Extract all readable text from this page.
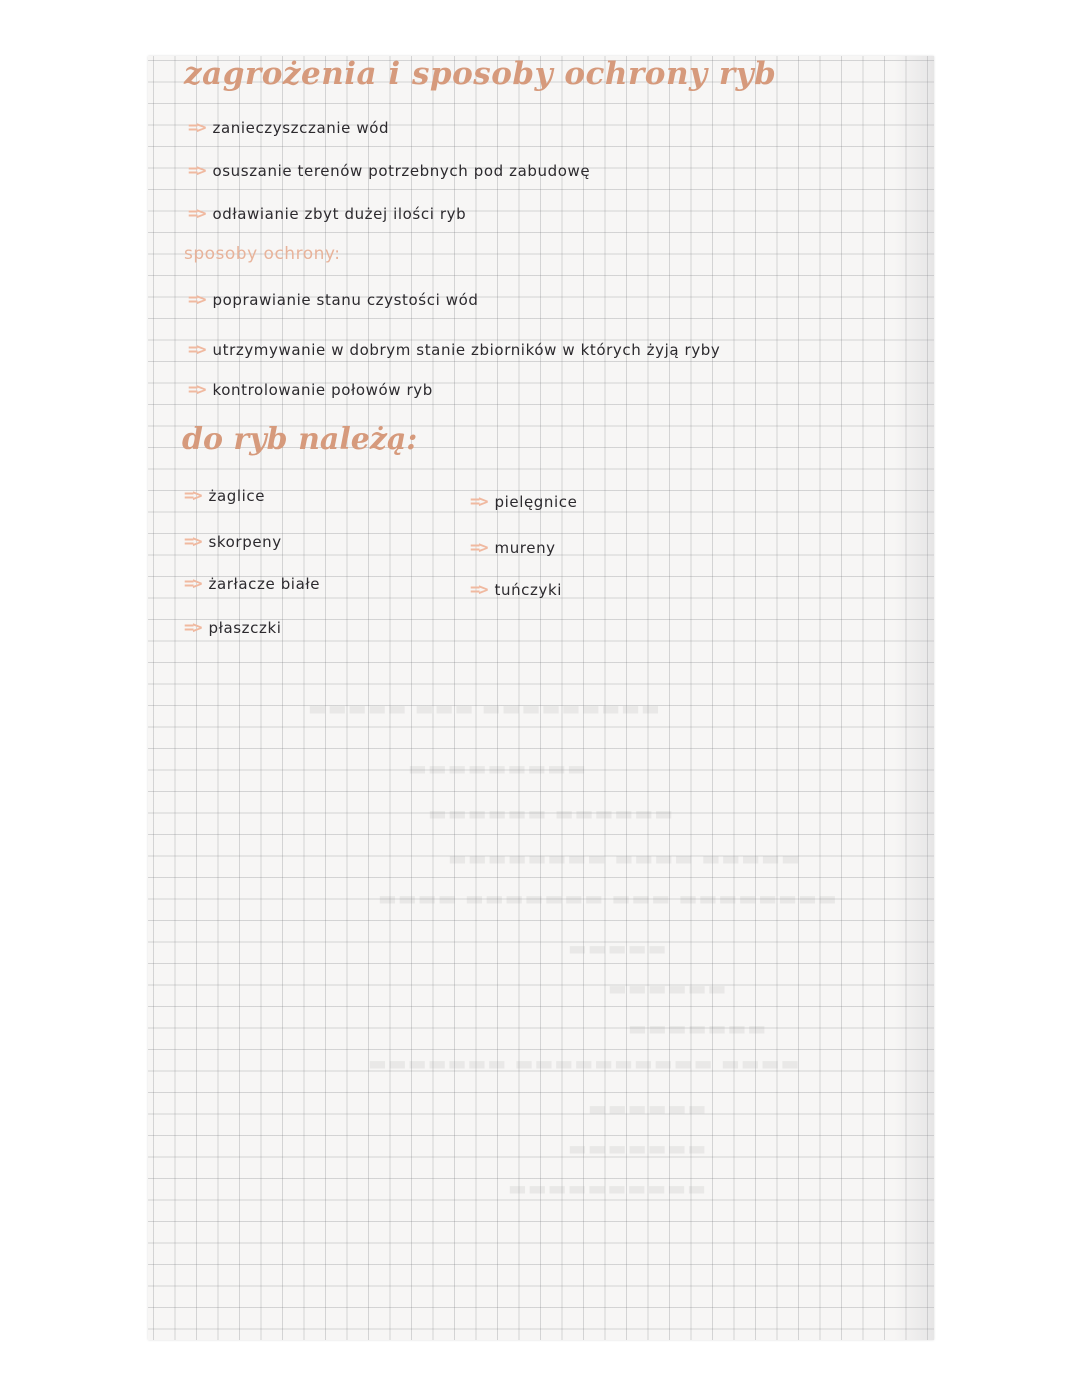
▬▬▬▬▬ ▬▬▬ ▬▬▬▬▬▬▬▬▬
▬▬▬▬▬▬▬▬▬
▬▬▬▬▬▬ ▬▬▬▬▬▬
▬▬▬▬▬▬▬▬ ▬▬▬▬ ▬▬▬▬▬
▬▬▬▬ ▬▬▬▬▬▬▬ ▬▬▬ ▬▬▬▬▬▬▬▬
▬▬▬▬▬
▬▬▬▬▬▬
▬▬▬▬▬▬▬
▬▬▬▬▬▬▬ ▬▬▬▬▬▬▬▬▬▬ ▬▬▬▬
▬▬▬▬▬▬
▬▬▬▬▬▬▬
▬▬▬▬▬▬▬▬▬▬
zagrożenia i sposoby ochrony ryb
=> zanieczyszczanie wód
=> osuszanie terenów potrzebnych pod zabudowę
=> odławianie zbyt dużej ilości ryb
sposoby ochrony:
=> poprawianie stanu czystości wód
=> utrzymywanie w dobrym stanie zbiorników w których żyją ryby
=> kontrolowanie połowów ryb
do ryb należą:
=> żaglice
=> skorpeny
=> żarłacze białe
=> płaszczki
=> pielęgnice
=> mureny
=> tuńczyki
